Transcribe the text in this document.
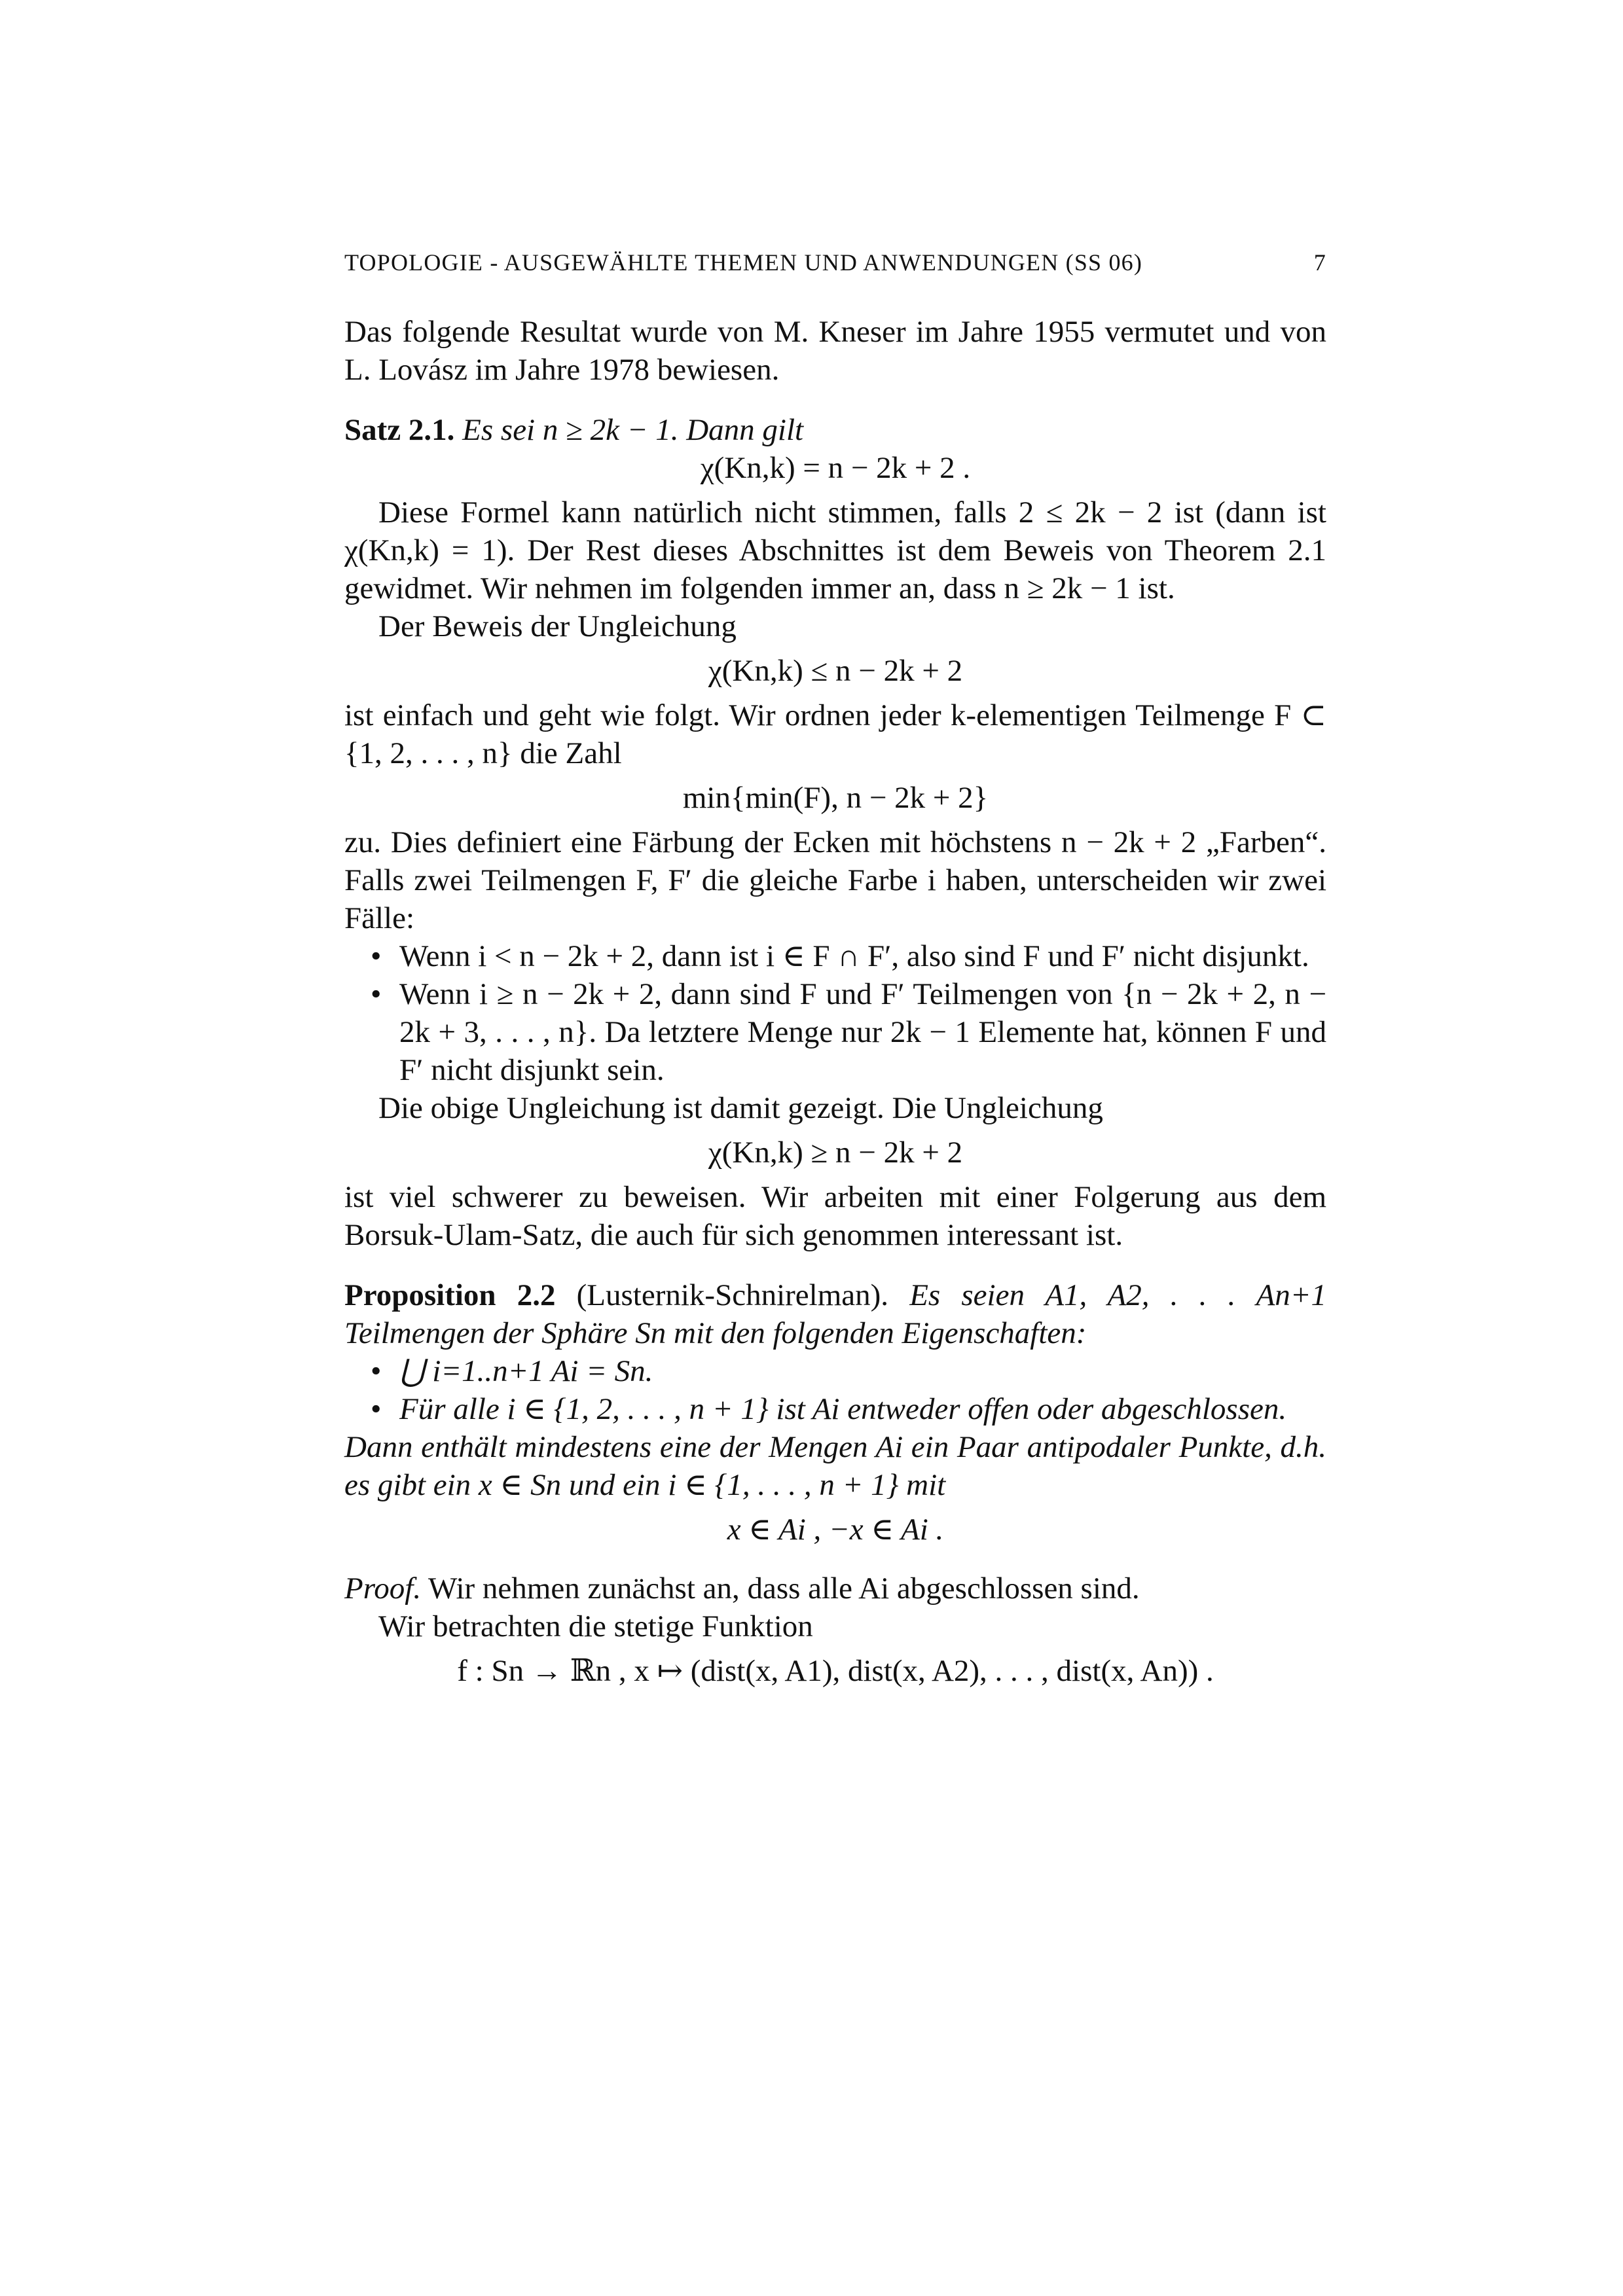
TOPOLOGIE - AUSGEWÄHLTE THEMEN UND ANWENDUNGEN (SS 06)	7

Das folgende Resultat wurde von M. Kneser im Jahre 1955 vermutet und von L. Lovász im Jahre 1978 bewiesen.

Satz 2.1. Es sei n ≥ 2k − 1. Dann gilt

χ(Kn,k) = n − 2k + 2 .

Diese Formel kann natürlich nicht stimmen, falls 2 ≤ 2k − 2 ist (dann ist χ(Kn,k) = 1). Der Rest dieses Abschnittes ist dem Beweis von Theorem 2.1 gewidmet. Wir nehmen im folgenden immer an, dass n ≥ 2k − 1 ist.

Der Beweis der Ungleichung

χ(Kn,k) ≤ n − 2k + 2

ist einfach und geht wie folgt. Wir ordnen jeder k-elementigen Teilmenge F ⊂ {1, 2, . . . , n} die Zahl

min{min(F), n − 2k + 2}

zu. Dies definiert eine Färbung der Ecken mit höchstens n − 2k + 2 „Farben“. Falls zwei Teilmengen F, F′ die gleiche Farbe i haben, unterscheiden wir zwei Fälle:

• Wenn i < n − 2k + 2, dann ist i ∈ F ∩ F′, also sind F und F′ nicht disjunkt.
• Wenn i ≥ n − 2k + 2, dann sind F und F′ Teilmengen von {n − 2k + 2, n − 2k + 3, . . . , n}. Da letztere Menge nur 2k − 1 Elemente hat, können F und F′ nicht disjunkt sein.

Die obige Ungleichung ist damit gezeigt. Die Ungleichung

χ(Kn,k) ≥ n − 2k + 2

ist viel schwerer zu beweisen. Wir arbeiten mit einer Folgerung aus dem Borsuk-Ulam-Satz, die auch für sich genommen interessant ist.

Proposition 2.2 (Lusternik-Schnirelman). Es seien A1, A2, . . . An+1 Teilmengen der Sphäre Sn mit den folgenden Eigenschaften:

• ⋃ i=1..n+1 Ai = Sn.
• Für alle i ∈ {1, 2, . . . , n + 1} ist Ai entweder offen oder abgeschlossen.

Dann enthält mindestens eine der Mengen Ai ein Paar antipodaler Punkte, d.h. es gibt ein x ∈ Sn und ein i ∈ {1, . . . , n + 1} mit

x ∈ Ai , −x ∈ Ai .

Proof. Wir nehmen zunächst an, dass alle Ai abgeschlossen sind.

Wir betrachten die stetige Funktion

f : Sn → ℝn , x ↦ (dist(x, A1), dist(x, A2), . . . , dist(x, An)) .
